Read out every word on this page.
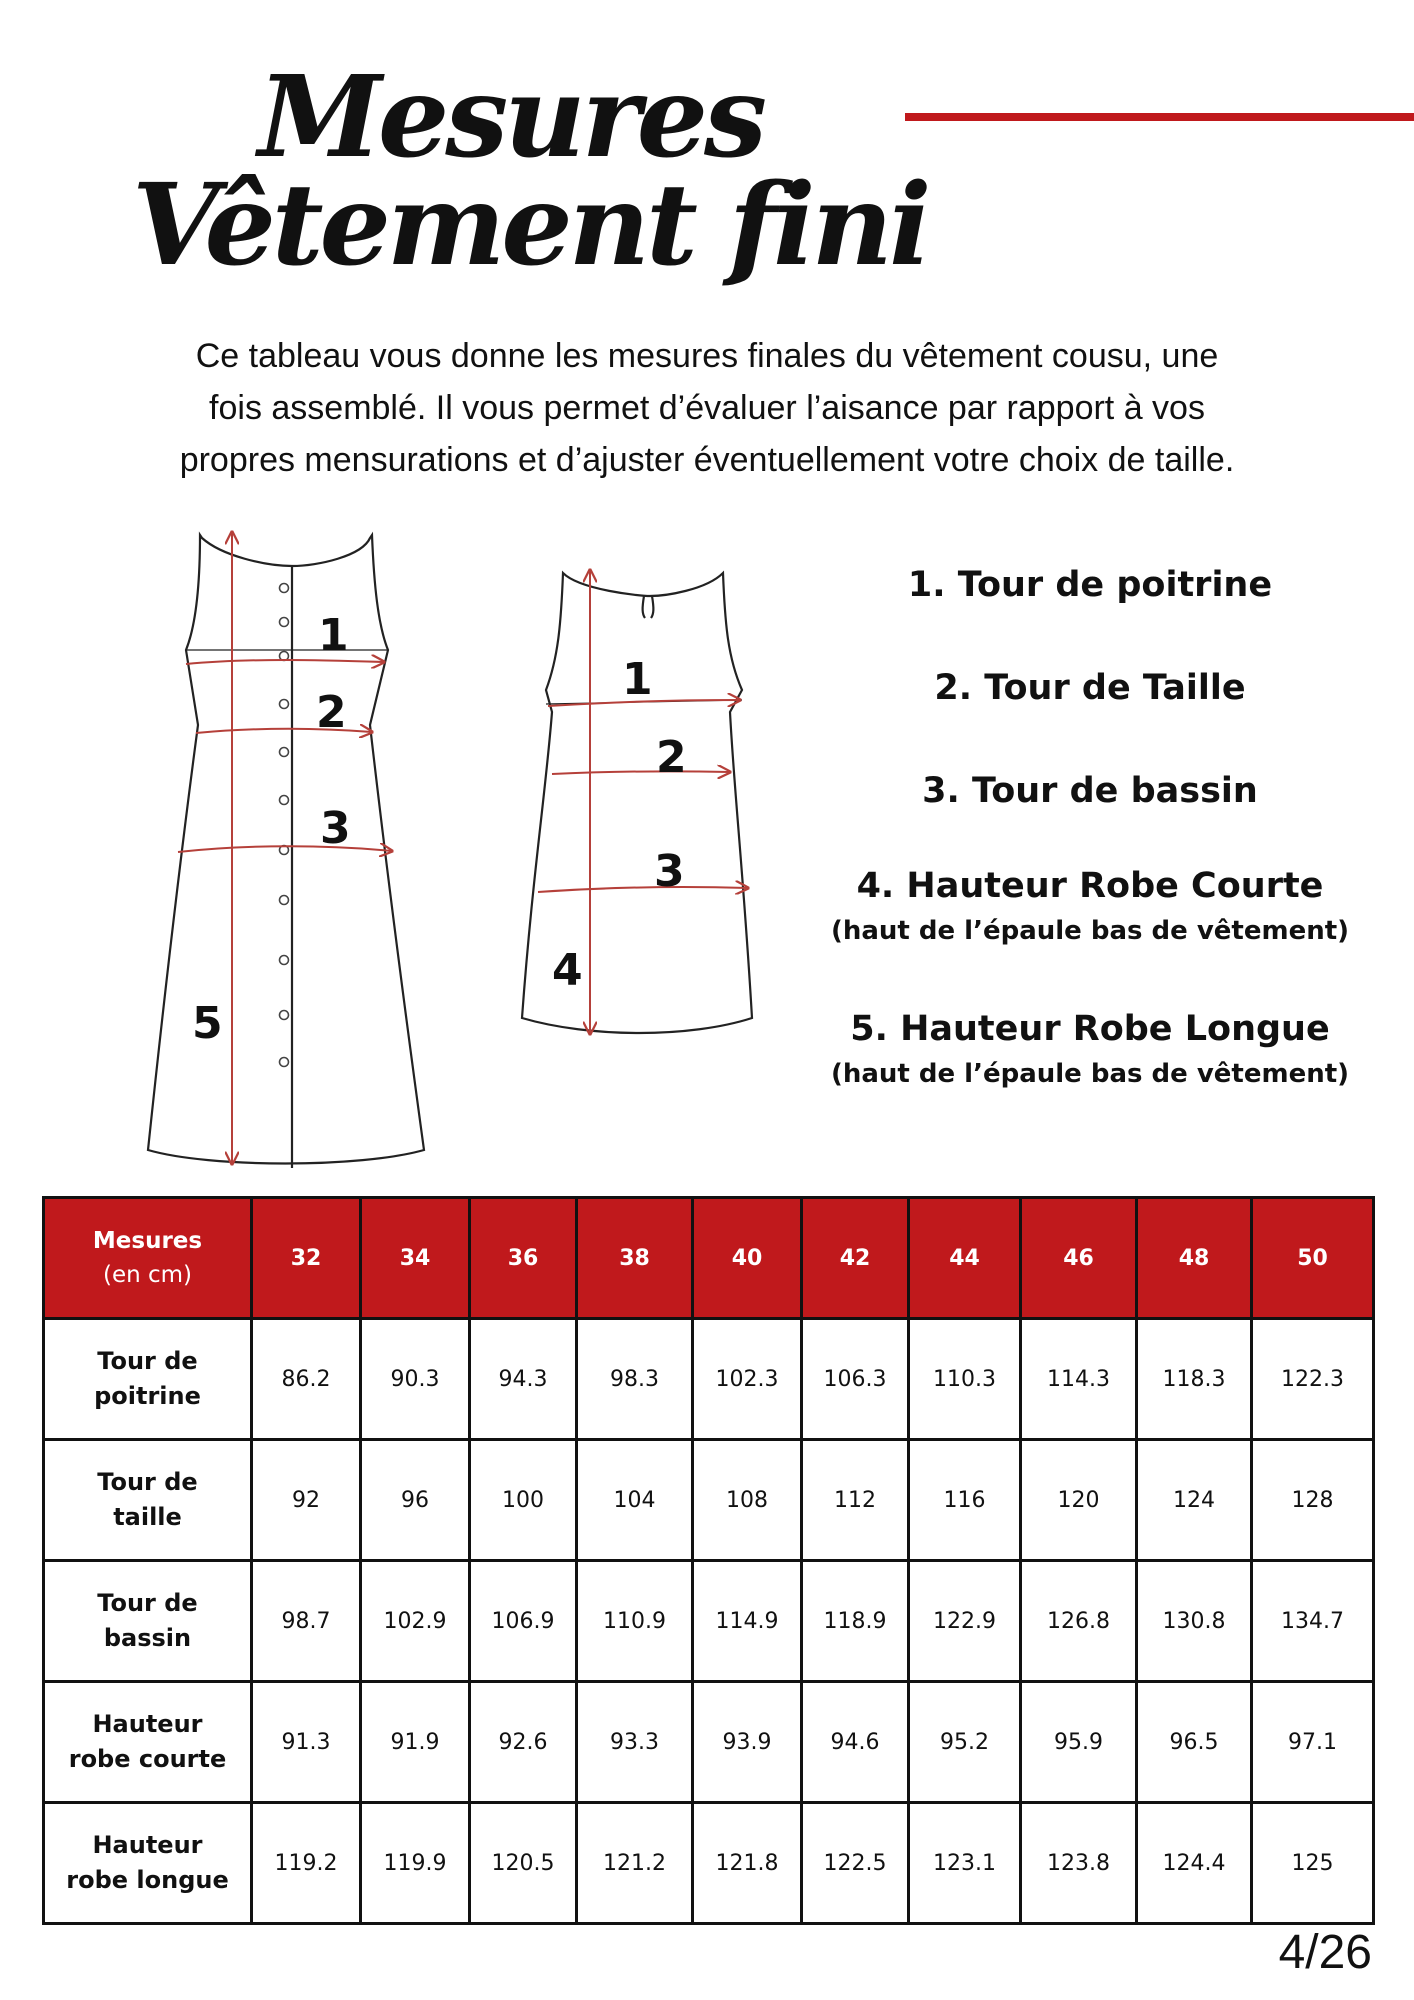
Mesures
Vêtement fini
Ce tableau vous donne les mesures finales du vêtement cousu, une
fois assemblé. Il vous permet d’évaluer l’aisance par rapport à vos
propres mensurations et d’ajuster éventuellement votre choix de taille.
1
2
3
5
1
2
3
4
1. Tour de poitrine
2. Tour de Taille
3. Tour de bassin
4. Hauteur Robe Courte
(haut de l’épaule bas de vêtement)
5. Hauteur Robe Longue
(haut de l’épaule bas de vêtement)
Mesures
(en cm)	32	34	36	38	40	42	44	46	48	50
Tour de
poitrine	86.2	90.3	94.3	98.3	102.3	106.3	110.3	114.3	118.3	122.3
Tour de
taille	92	96	100	104	108	112	116	120	124	128
Tour de
bassin	98.7	102.9	106.9	110.9	114.9	118.9	122.9	126.8	130.8	134.7
Hauteur
robe courte	91.3	91.9	92.6	93.3	93.9	94.6	95.2	95.9	96.5	97.1
Hauteur
robe longue	119.2	119.9	120.5	121.2	121.8	122.5	123.1	123.8	124.4	125
4/26
